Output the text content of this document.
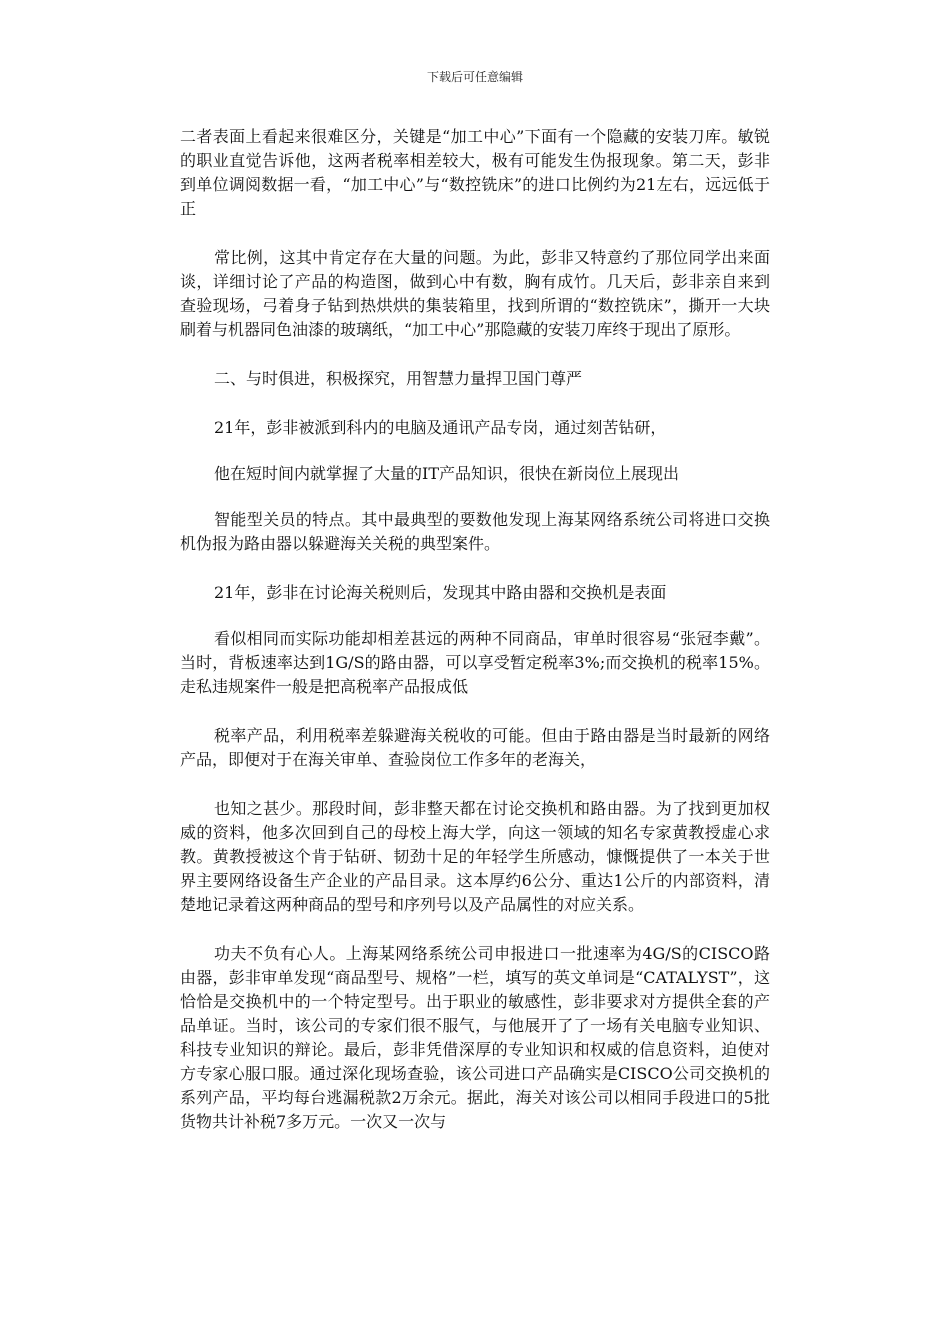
下载后可任意编辑

二者表面上看起来很难区分，关键是“加工中心”下面有一个隐藏的安装刀库。敏锐的职业直觉告诉他，这两者税率相差较大，极有可能发生伪报现象。第二天，彭非到单位调阅数据一看，“加工中心”与“数控铣床”的进口比例约为21左右，远远低于正

常比例，这其中肯定存在大量的问题。为此，彭非又特意约了那位同学出来面谈，详细讨论了产品的构造图，做到心中有数，胸有成竹。几天后，彭非亲自来到查验现场，弓着身子钻到热烘烘的集装箱里，找到所谓的“数控铣床”，撕开一大块刷着与机器同色油漆的玻璃纸，“加工中心”那隐藏的安装刀库终于现出了原形。

二、与时俱进，积极探究，用智慧力量捍卫国门尊严

21年，彭非被派到科内的电脑及通讯产品专岗，通过刻苦钻研，

他在短时间内就掌握了大量的IT产品知识，很快在新岗位上展现出

智能型关员的特点。其中最典型的要数他发现上海某网络系统公司将进口交换机伪报为路由器以躲避海关关税的典型案件。

21年，彭非在讨论海关税则后，发现其中路由器和交换机是表面

看似相同而实际功能却相差甚远的两种不同商品，审单时很容易“张冠李戴”。当时，背板速率达到1G/S的路由器，可以享受暂定税率3%;而交换机的税率15%。走私违规案件一般是把高税率产品报成低

税率产品，利用税率差躲避海关税收的可能。但由于路由器是当时最新的网络产品，即便对于在海关审单、查验岗位工作多年的老海关，

也知之甚少。那段时间，彭非整天都在讨论交换机和路由器。为了找到更加权威的资料，他多次回到自己的母校上海大学，向这一领域的知名专家黄教授虚心求教。黄教授被这个肯于钻研、韧劲十足的年轻学生所感动，慷慨提供了一本关于世界主要网络设备生产企业的产品目录。这本厚约6公分、重达1公斤的内部资料，清楚地记录着这两种商品的型号和序列号以及产品属性的对应关系。

功夫不负有心人。上海某网络系统公司申报进口一批速率为4G/S的CISCO路由器，彭非审单发现“商品型号、规格”一栏，填写的英文单词是“CATALYST”，这恰恰是交换机中的一个特定型号。出于职业的敏感性，彭非要求对方提供全套的产品单证。当时，该公司的专家们很不服气，与他展开了了一场有关电脑专业知识、科技专业知识的辩论。最后，彭非凭借深厚的专业知识和权威的信息资料，迫使对方专家心服口服。通过深化现场查验，该公司进口产品确实是CISCO公司交换机的系列产品，平均每台逃漏税款2万余元。据此，海关对该公司以相同手段进口的5批货物共计补税7多万元。一次又一次与
